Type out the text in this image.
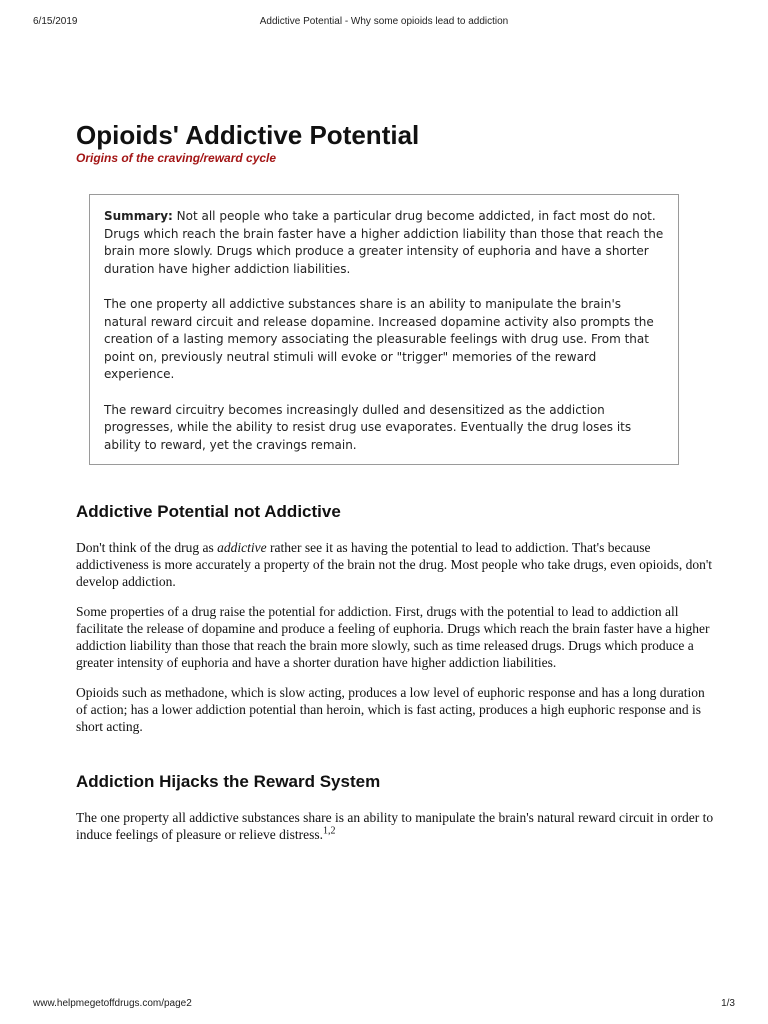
6/15/2019	Addictive Potential - Why some opioids lead to addiction
Opioids' Addictive Potential

Origins of the craving/reward cycle

Summary: Not all people who take a particular drug become addicted, in fact most do not. Drugs which reach the brain faster have a higher addiction liability than those that reach the brain more slowly. Drugs which produce a greater intensity of euphoria and have a shorter duration have higher addiction liabilities.

The one property all addictive substances share is an ability to manipulate the brain's natural reward circuit and release dopamine. Increased dopamine activity also prompts the creation of a lasting memory associating the pleasurable feelings with drug use. From that point on, previously neutral stimuli will evoke or "trigger" memories of the reward experience.

The reward circuitry becomes increasingly dulled and desensitized as the addiction progresses, while the ability to resist drug use evaporates. Eventually the drug loses its ability to reward, yet the cravings remain.

Addictive Potential not Addictive

Don't think of the drug as addictive rather see it as having the potential to lead to addiction. That's because addictiveness is more accurately a property of the brain not the drug. Most people who take drugs, even opioids, don't develop addiction.

Some properties of a drug raise the potential for addiction. First, drugs with the potential to lead to addiction all facilitate the release of dopamine and produce a feeling of euphoria. Drugs which reach the brain faster have a higher addiction liability than those that reach the brain more slowly, such as time released drugs. Drugs which produce a greater intensity of euphoria and have a shorter duration have higher addiction liabilities.

Opioids such as methadone, which is slow acting, produces a low level of euphoric response and has a long duration of action; has a lower addiction potential than heroin, which is fast acting, produces a high euphoric response and is short acting.

Addiction Hijacks the Reward System

The one property all addictive substances share is an ability to manipulate the brain's natural reward circuit in order to induce feelings of pleasure or relieve distress.$^{1,2}$

www.helpmegetoffdrugs.com/page2	1/3
